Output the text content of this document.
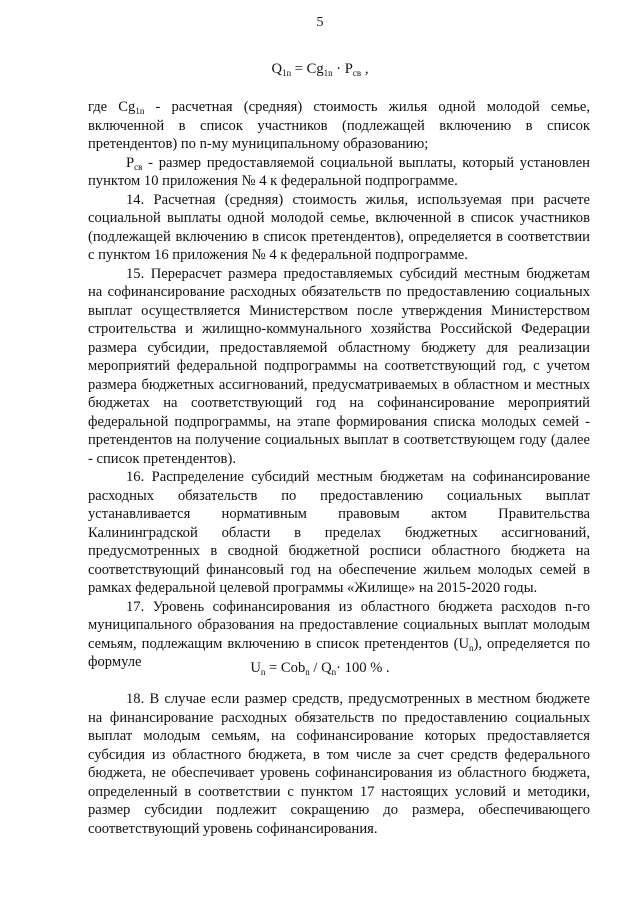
5
$Q_{1n} = Cg_{1n} \cdot P_{св}$ ,

где $Cg_{1n}$ - расчетная (средняя) стоимость жилья одной молодой семье, включенной в список участников (подлежащей включению в список претендентов) по n-му муниципальному образованию;

$P_{св}$ - размер предоставляемой социальной выплаты, который установлен пунктом 10 приложения № 4 к федеральной подпрограмме.

14. Расчетная (средняя) стоимость жилья, используемая при расчете социальной выплаты одной молодой семье, включенной в список участников (подлежащей включению в список претендентов), определяется в соответствии с пунктом 16 приложения № 4 к федеральной подпрограмме.

15. Перерасчет размера предоставляемых субсидий местным бюджетам на софинансирование расходных обязательств по предоставлению социальных выплат осуществляется Министерством после утверждения Министерством строительства и жилищно-коммунального хозяйства Российской Федерации размера субсидии, предоставляемой областному бюджету для реализации мероприятий федеральной подпрограммы на соответствующий год, с учетом размера бюджетных ассигнований, предусматриваемых в областном и местных бюджетах на соответствующий год на софинансирование мероприятий федеральной подпрограммы, на этапе формирования списка молодых семей - претендентов на получение социальных выплат в соответствующем году (далее - список претендентов).

16. Распределение субсидий местным бюджетам на софинансирование расходных обязательств по предоставлению социальных выплат устанавливается нормативным правовым актом Правительства Калининградской области в пределах бюджетных ассигнований, предусмотренных в сводной бюджетной росписи областного бюджета на соответствующий финансовый год на обеспечение жильем молодых семей в рамках федеральной целевой программы «Жилище» на 2015-2020 годы.

17. Уровень софинансирования из областного бюджета расходов n-го муниципального образования на предоставление социальных выплат молодым семьям, подлежащим включению в список претендентов $(U_n)$, определяется по формуле	$U_n = Cob_n / Q_n\cdot 100$ % .

18. В случае если размер средств, предусмотренных в местном бюджете на финансирование расходных обязательств по предоставлению социальных выплат молодым семьям, на софинансирование которых предоставляется субсидия из областного бюджета, в том числе за счет средств федерального бюджета, не обеспечивает уровень софинансирования из областного бюджета, определенный в соответствии с пунктом 17 настоящих условий и методики, размер субсидии подлежит сокращению до размера, обеспечивающего соответствующий уровень софинансирования.
